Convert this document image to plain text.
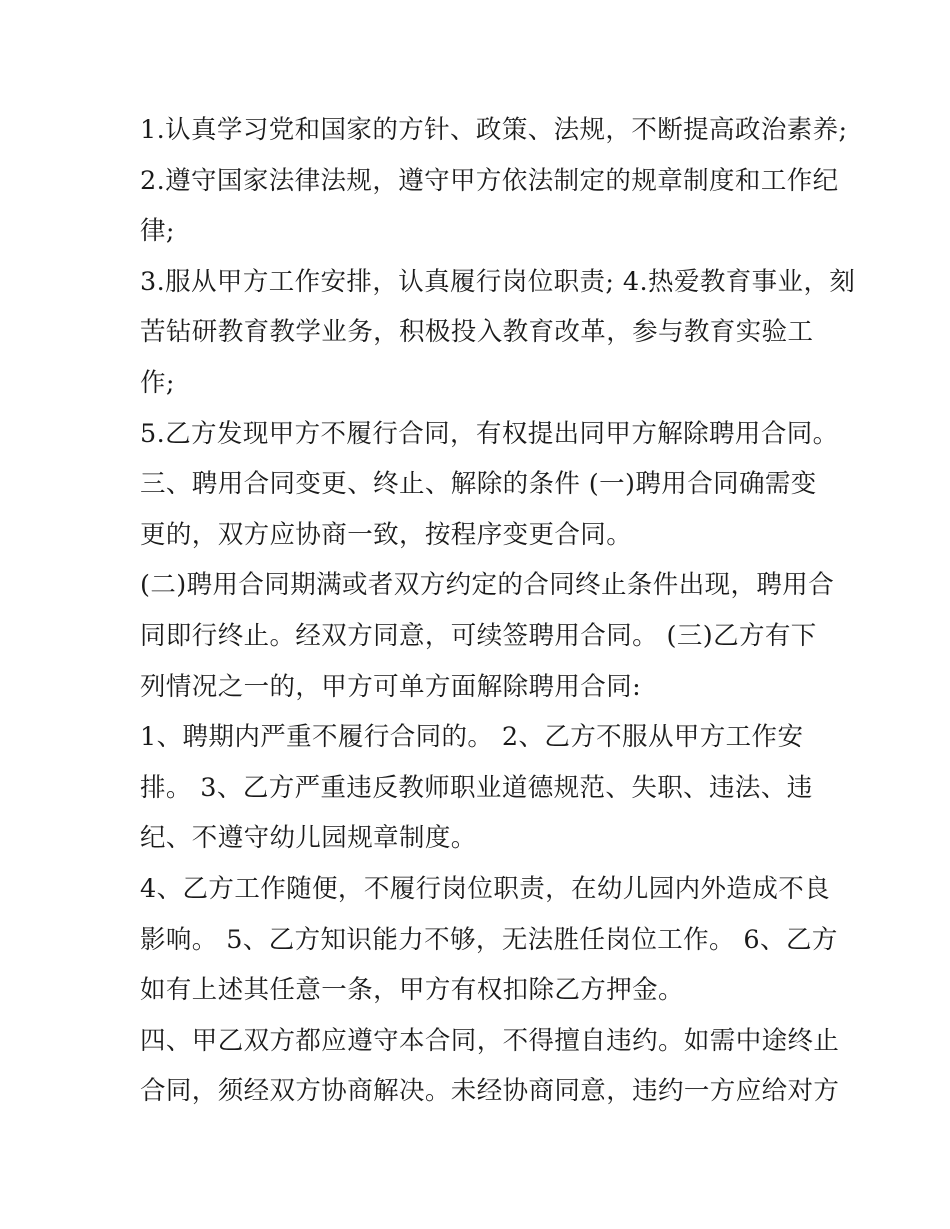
1.认真学习党和国家的方针、政策、法规，不断提高政治素养;
2.遵守国家法律法规，遵守甲方依法制定的规章制度和工作纪
律;
3.服从甲方工作安排，认真履行岗位职责; 4.热爱教育事业，刻
苦钻研教育教学业务，积极投入教育改革，参与教育实验工
作;
5.乙方发现甲方不履行合同，有权提出同甲方解除聘用合同。
三、聘用合同变更、终止、解除的条件 (一)聘用合同确需变
更的，双方应协商一致，按程序变更合同。
(二)聘用合同期满或者双方约定的合同终止条件出现，聘用合
同即行终止。经双方同意，可续签聘用合同。 (三)乙方有下
列情况之一的，甲方可单方面解除聘用合同:
1、聘期内严重不履行合同的。 2、乙方不服从甲方工作安
排。 3、乙方严重违反教师职业道德规范、失职、违法、违
纪、不遵守幼儿园规章制度。
4、乙方工作随便，不履行岗位职责，在幼儿园内外造成不良
影响。 5、乙方知识能力不够，无法胜任岗位工作。 6、乙方
如有上述其任意一条，甲方有权扣除乙方押金。
四、甲乙双方都应遵守本合同，不得擅自违约。如需中途终止
合同，须经双方协商解决。未经协商同意，违约一方应给对方
